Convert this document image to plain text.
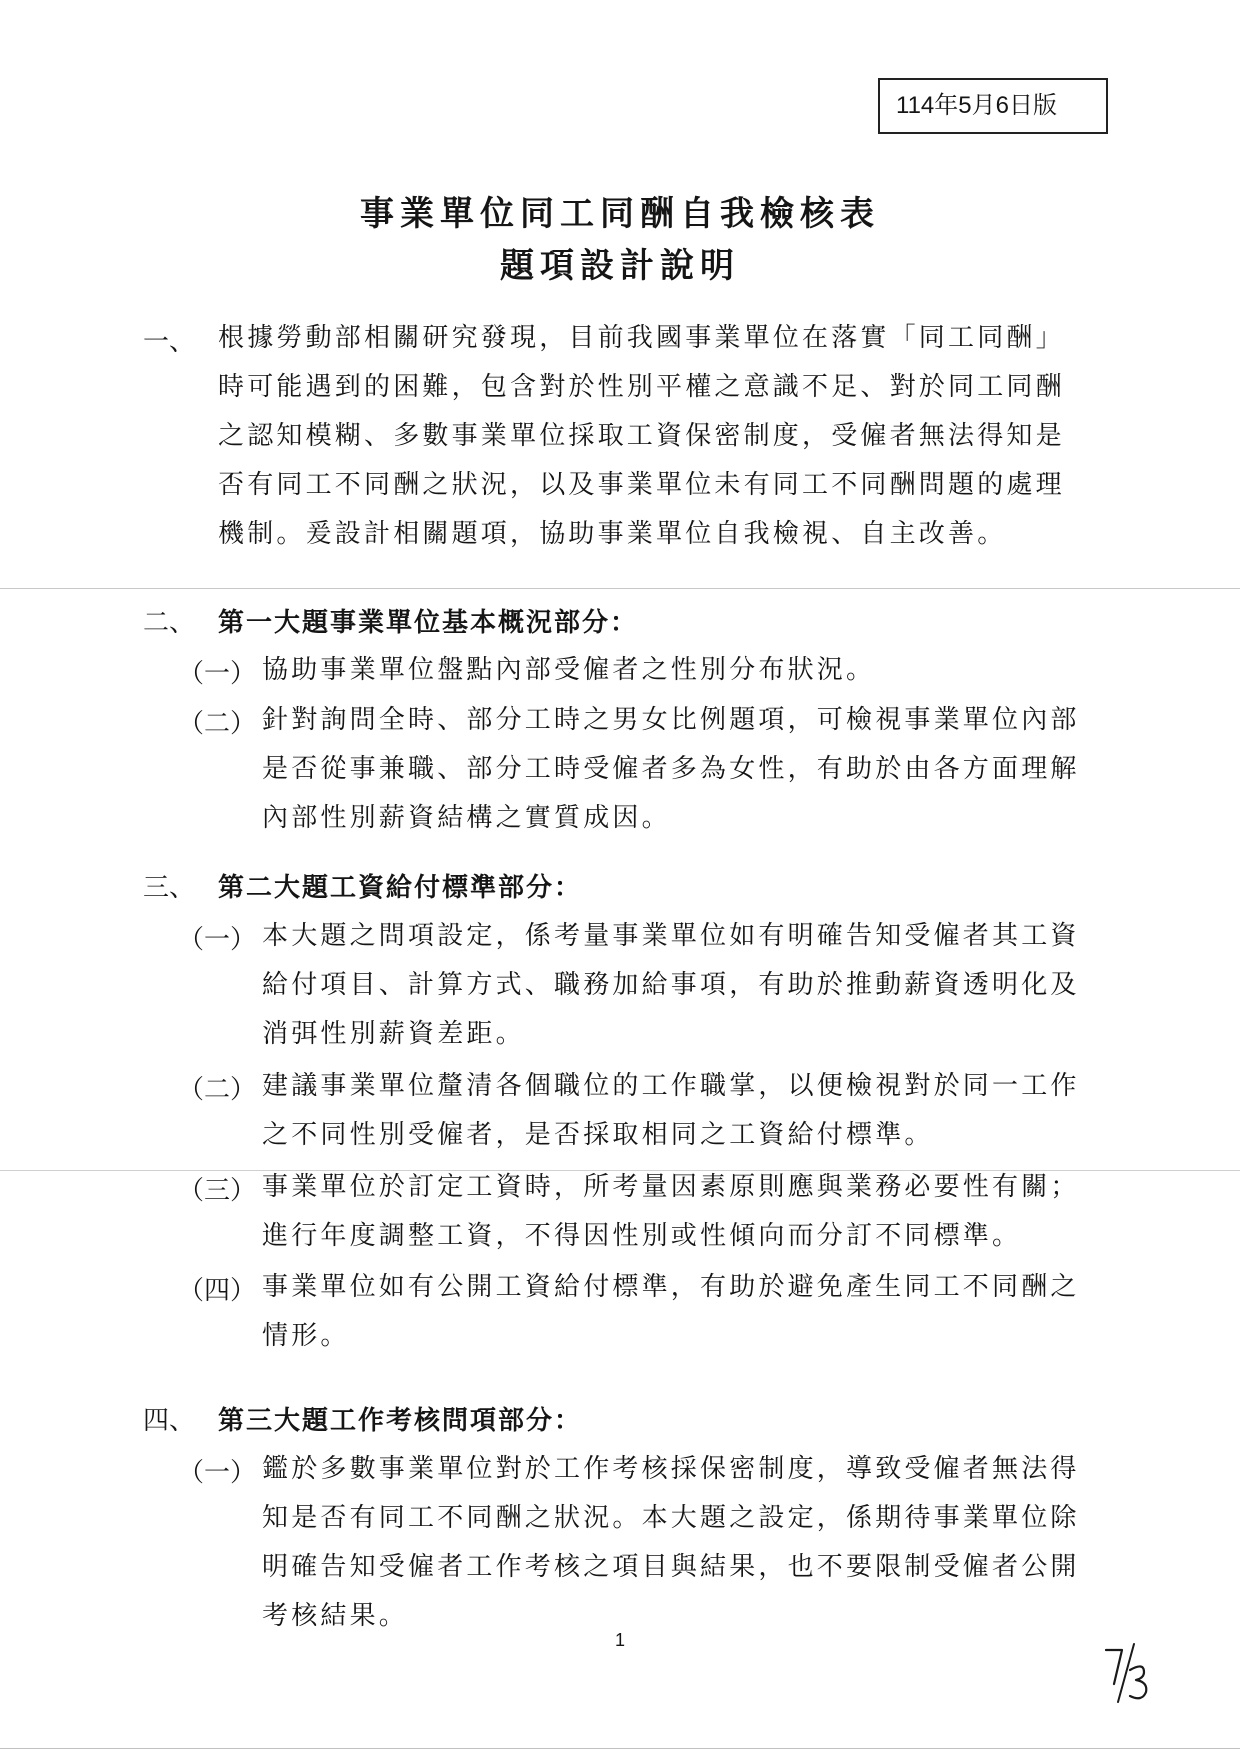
114年5月6日版
事業單位同工同酬自我檢核表
題項設計說明
一、 根據勞動部相關研究發現，目前我國事業單位在落實「同工同酬」
時可能遇到的困難，包含對於性別平權之意識不足、對於同工同酬
之認知模糊、多數事業單位採取工資保密制度，受僱者無法得知是
否有同工不同酬之狀況，以及事業單位未有同工不同酬問題的處理
機制。爰設計相關題項，協助事業單位自我檢視、自主改善。
二、 第一大題事業單位基本概況部分：
（一） 協助事業單位盤點內部受僱者之性別分布狀況。
（二） 針對詢問全時、部分工時之男女比例題項，可檢視事業單位內部
是否從事兼職、部分工時受僱者多為女性，有助於由各方面理解
內部性別薪資結構之實質成因。
三、 第二大題工資給付標準部分：
（一） 本大題之問項設定，係考量事業單位如有明確告知受僱者其工資
給付項目、計算方式、職務加給事項，有助於推動薪資透明化及
消弭性別薪資差距。
（二） 建議事業單位釐清各個職位的工作職掌，以便檢視對於同一工作
之不同性別受僱者，是否採取相同之工資給付標準。
（三） 事業單位於訂定工資時，所考量因素原則應與業務必要性有關；
進行年度調整工資，不得因性別或性傾向而分訂不同標準。
（四） 事業單位如有公開工資給付標準，有助於避免產生同工不同酬之
情形。
四、 第三大題工作考核問項部分：
（一） 鑑於多數事業單位對於工作考核採保密制度，導致受僱者無法得
知是否有同工不同酬之狀況。本大題之設定，係期待事業單位除
明確告知受僱者工作考核之項目與結果，也不要限制受僱者公開
考核結果。
1
